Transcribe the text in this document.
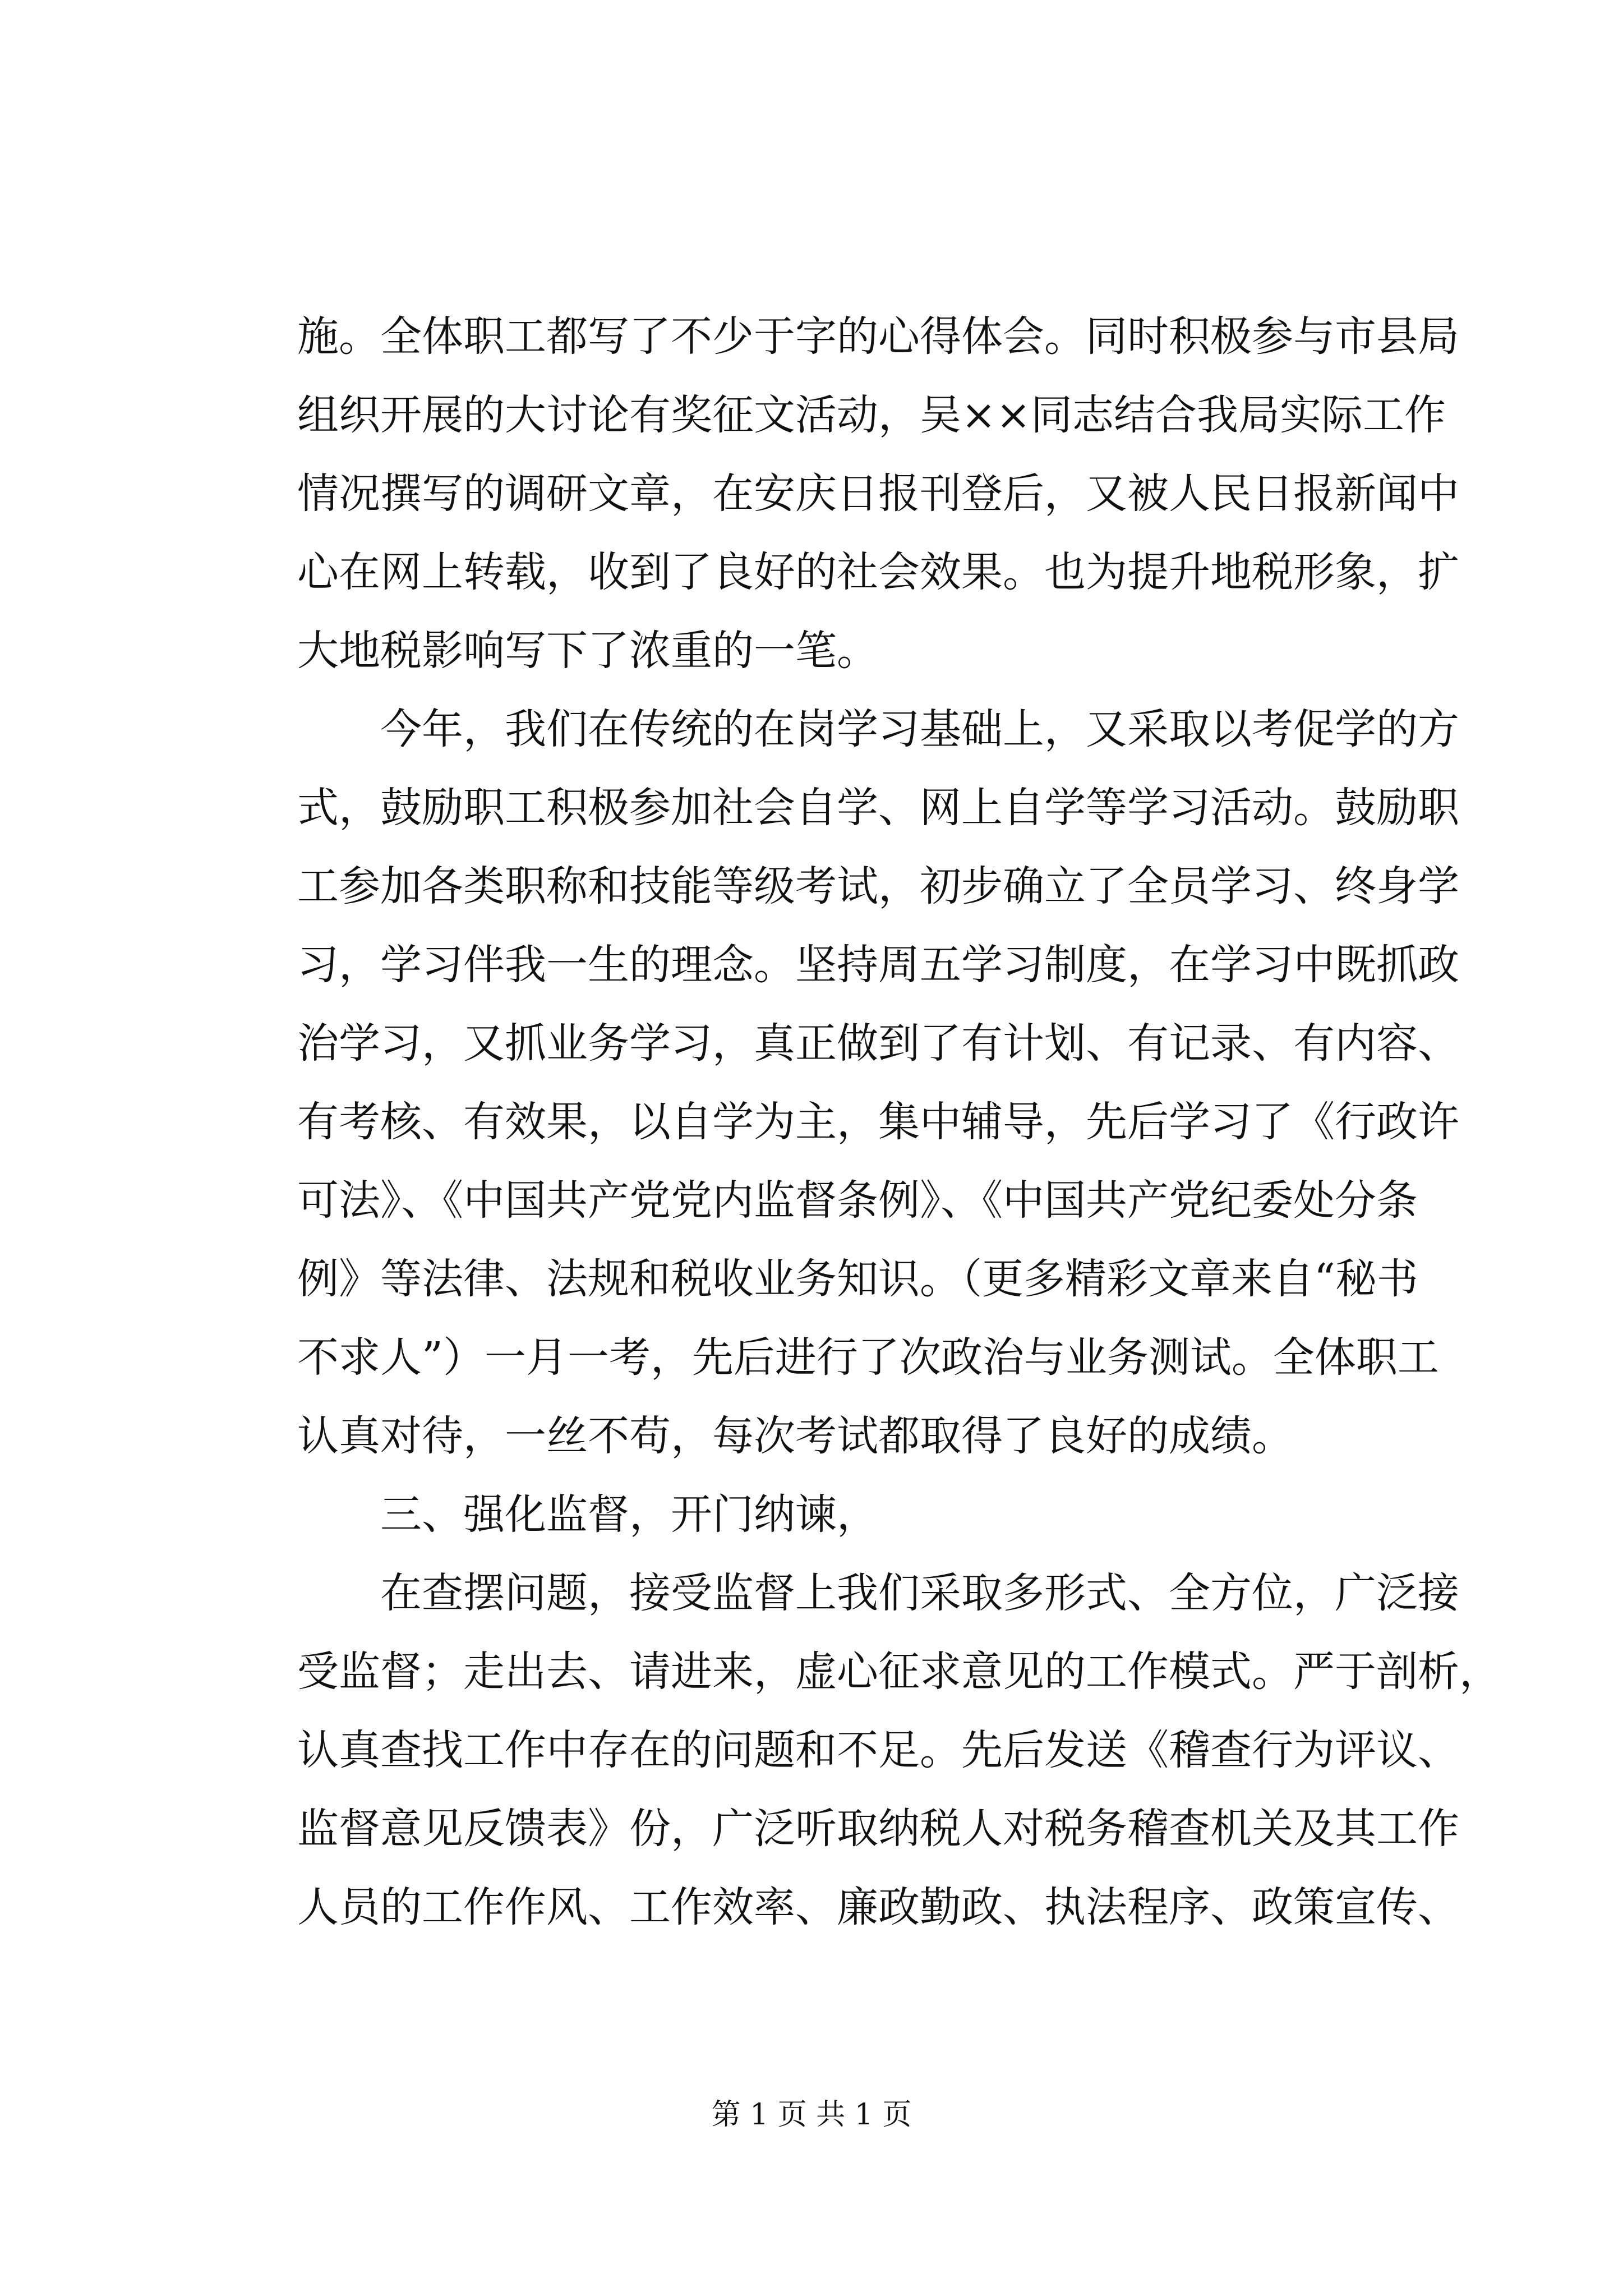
施。全体职工都写了不少于字的心得体会。同时积极参与市县局
组织开展的大讨论有奖征文活动，吴××同志结合我局实际工作
情况撰写的调研文章，在安庆日报刊登后，又被人民日报新闻中
心在网上转载，收到了良好的社会效果。也为提升地税形象，扩
大地税影响写下了浓重的一笔。
今年，我们在传统的在岗学习基础上，又采取以考促学的方
式，鼓励职工积极参加社会自学、网上自学等学习活动。鼓励职
工参加各类职称和技能等级考试，初步确立了全员学习、终身学
习，学习伴我一生的理念。坚持周五学习制度，在学习中既抓政
治学习，又抓业务学习，真正做到了有计划、有记录、有内容、
有考核、有效果，以自学为主，集中辅导，先后学习了《行政许
可法》、《中国共产党党内监督条例》、《中国共产党纪委处分条
例》等法律、法规和税收业务知识。（更多精彩文章来自“秘书
不求人”）一月一考，先后进行了次政治与业务测试。全体职工
认真对待，一丝不苟，每次考试都取得了良好的成绩。
三、强化监督，开门纳谏，
在查摆问题，接受监督上我们采取多形式、全方位，广泛接
受监督；走出去、请进来，虚心征求意见的工作模式。严于剖析，
认真查找工作中存在的问题和不足。先后发送《稽查行为评议、
监督意见反馈表》份，广泛听取纳税人对税务稽查机关及其工作
人员的工作作风、工作效率、廉政勤政、执法程序、政策宣传、
第 1 页 共 1 页
